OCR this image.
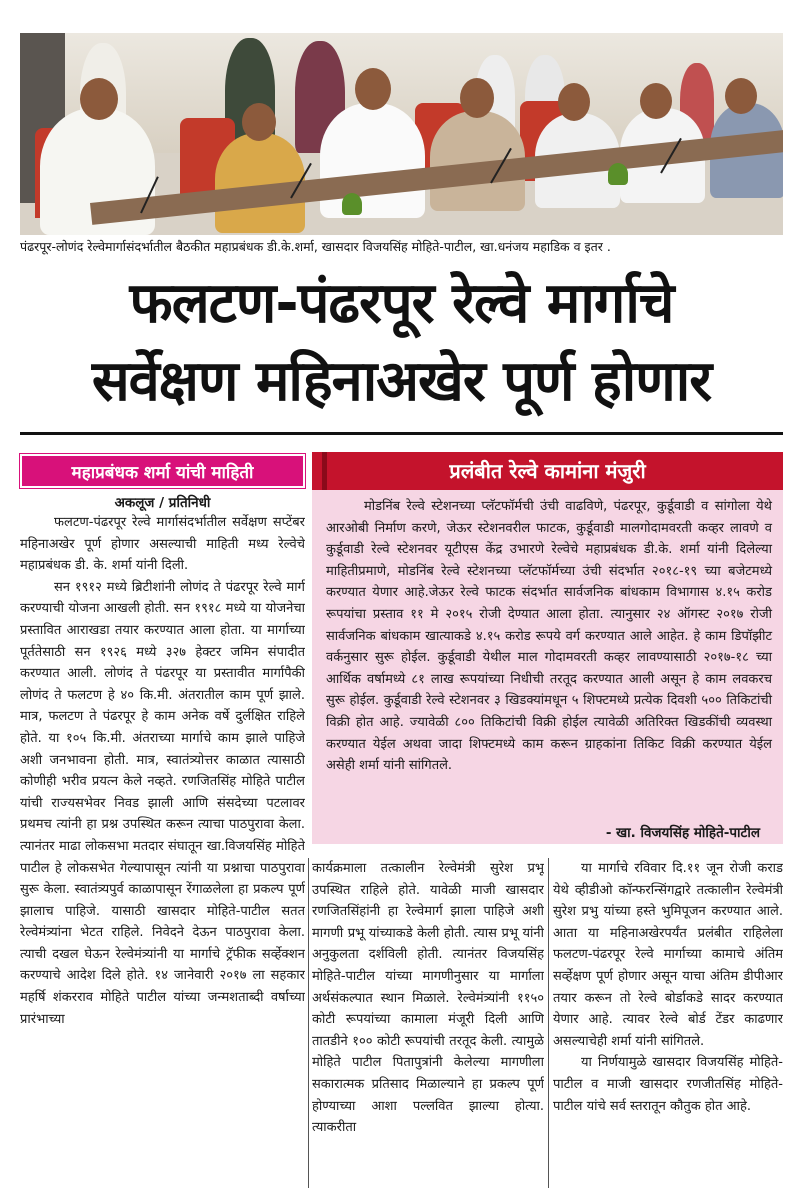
पंढरपूर-लोणंद रेल्वेमार्गासंदर्भातील बैठकीत महाप्रबंधक डी.के.शर्मा, खासदार विजयसिंह मोहिते-पाटील, खा.धनंजय महाडिक व इतर .
फलटण-पंढरपूर रेल्वे मार्गाचे
सर्वेक्षण महिनाअखेर पूर्ण होणार
महाप्रबंधक शर्मा यांची माहिती
अकलूज / प्रतिनिधी

फलटण-पंढरपूर रेल्वे मार्गासंदर्भातील सर्वेक्षण सप्टेंबर महिनाअखेर पूर्ण होणार असल्याची माहिती मध्य रेल्वेचे महाप्रबंधक डी. के. शर्मा यांनी दिली.

सन १९१२ मध्ये ब्रिटीशांनी लोणंद ते पंढरपूर रेल्वे मार्ग करण्याची योजना आखली होती. सन १९१८ मध्ये या योजनेचा प्रस्तावित आराखडा तयार करण्यात आला होता. या मार्गाच्या पूर्ततेसाठी सन १९२६ मध्ये ३२७ हेक्टर जमिन संपादीत करण्यात आली. लोणंद ते पंढरपूर या प्रस्तावीत मार्गापैकी लोणंद ते फलटण हे ४० कि.मी. अंतरातील काम पूर्ण झाले. मात्र, फलटण ते पंढरपूर हे काम अनेक वर्षे दुर्लक्षित राहिले होते. या १०५ कि.मी. अंतराच्या मार्गाचे काम झाले पाहिजे अशी जनभावना होती. मात्र, स्वातंत्र्योत्तर काळात त्यासाठी कोणीही भरीव प्रयत्न केले नव्हते. रणजितसिंह मोहिते पाटील यांची राज्यसभेवर निवड झाली आणि संसदेच्या पटलावर प्रथमच त्यांनी हा प्रश्न उपस्थित करून त्याचा पाठपुरावा केला. त्यानंतर माढा लोकसभा मतदार संघातून खा.विजयसिंह मोहिते पाटील हे लोकसभेत गेल्यापासून त्यांनी या प्रश्नाचा पाठपुरावा सुरू केला. स्वातंत्र्यपुर्व काळापासून रेंगाळलेला हा प्रकल्प पूर्ण झालाच पाहिजे. यासाठी खासदार मोहिते-पाटील सतत रेल्वेमंत्र्यांना भेटत राहिले. निवेदने देऊन पाठपुरावा केला. त्याची दखल घेऊन रेल्वेमंत्र्यांनी या मार्गाचे ट्रॅफीक सर्व्हेक्शन करण्याचे आदेश दिले होते. १४ जानेवारी २०१७ ला सहकार महर्षि शंकरराव मोहिते पाटील यांच्या जन्मशताब्दी वर्षाच्या प्रारंभाच्या

प्रलंबीत रेल्वे कामांना मंजुरी

मोडनिंब रेल्वे स्टेशनच्या प्लॅटफॉर्मची उंची वाढविणे, पंढरपूर, कुर्डूवाडी व सांगोला येथे आरओबी निर्माण करणे, जेऊर स्टेशनवरील फाटक, कुर्डूवाडी मालगोदामवरती कव्हर लावणे व कुर्डूवाडी रेल्वे स्टेशनवर यूटीएस केंद्र उभारणे रेल्वेचे महाप्रबंधक डी.के. शर्मा यांनी दिलेल्या माहितीप्रमाणे, मोडनिंब रेल्वे स्टेशनच्या प्लॅटफॉर्मच्या उंची संदर्भात २०१८-१९ च्या बजेटमध्ये करण्यात येणार आहे.जेऊर रेल्वे फाटक संदर्भात सार्वजनिक बांधकाम विभागास ४.१५ करोड रूपयांचा प्रस्ताव ११ मे २०१५ रोजी देण्यात आला होता. त्यानुसार २४ ऑगस्ट २०१७ रोजी सार्वजनिक बांधकाम खात्याकडे ४.१५ करोड रूपये वर्ग करण्यात आले आहेत. हे काम डिपॉझीट वर्कनुसार सुरू होईल. कुर्डूवाडी येथील माल गोदामवरती कव्हर लावण्यासाठी २०१७-१८ च्या आर्थिक वर्षामध्ये ८१ लाख रूपयांच्या निधीची तरतूद करण्यात आली असून हे काम लवकरच सुरू होईल. कुर्डूवाडी रेल्वे स्टेशनवर ३ खिडक्यांमधून ५ शिफ्टमध्ये प्रत्येक दिवशी ५०० तिकिटांची विक्री होत आहे. ज्यावेळी ८०० तिकिटांची विक्री होईल त्यावेळी अतिरिक्त खिडकींची व्यवस्था करण्यात येईल अथवा जादा शिफ्टमध्ये काम करून ग्राहकांना तिकिट विक्री करण्यात येईल असेही शर्मा यांनी सांगितले.

- खा. विजयसिंह मोहिते-पाटील

कार्यक्रमाला तत्कालीन रेल्वेमंत्री सुरेश प्रभू उपस्थित राहिले होते. यावेळी माजी खासदार रणजितसिंहांनी हा रेल्वेमार्ग झाला पाहिजे अशी मागणी प्रभू यांच्याकडे केली होती. त्यास प्रभू यांनी अनुकुलता दर्शविली होती. त्यानंतर विजयसिंह मोहिते-पाटील यांच्या मागणीनुसार या मार्गाला अर्थसंकल्पात स्थान मिळाले. रेल्वेमंत्र्यांनी ११५० कोटी रूपयांच्या कामाला मंजूरी दिली आणि तातडीने १०० कोटी रूपयांची तरतूद केली. त्यामुळे मोहिते पाटील पितापुत्रांनी केलेल्या मागणीला सकारात्मक प्रतिसाद मिळाल्याने हा प्रकल्प पूर्ण होण्याच्या आशा पल्लवित झाल्या होत्या. त्याकरीता

या मार्गाचे रविवार दि.११ जून रोजी कराड येथे व्हीडीओ कॉन्फरन्सिंगद्वारे तत्कालीन रेल्वेमंत्री सुरेश प्रभु यांच्या हस्ते भुमिपूजन करण्यात आले. आता या महिनाअखेरपर्यंत प्रलंबीत राहिलेला फलटण-पंढरपूर रेल्वे मार्गाच्या कामाचे अंतिम सर्व्हेक्षण पूर्ण होणार असून याचा अंतिम डीपीआर तयार करून तो रेल्वे बोर्डाकडे सादर करण्यात येणार आहे. त्यावर रेल्वे बोर्ड टेंडर काढणार असल्याचेही शर्मा यांनी सांगितले.

या निर्णयामुळे खासदार विजयसिंह मोहिते-पाटील व माजी खासदार रणजीतसिंह मोहिते-पाटील यांचे सर्व स्तरातून कौतुक होत आहे.
